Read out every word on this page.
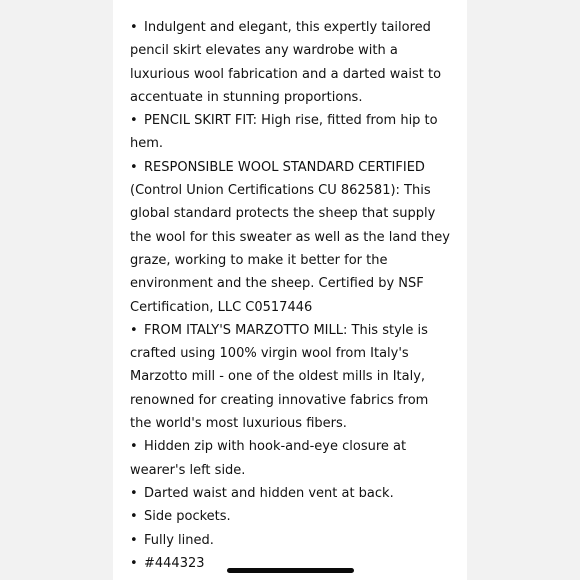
• Indulgent and elegant, this expertly tailored pencil skirt elevates any wardrobe with a luxurious wool fabrication and a darted waist to accentuate in stunning proportions.

• PENCIL SKIRT FIT: High rise, fitted from hip to hem.

• RESPONSIBLE WOOL STANDARD CERTIFIED (Control Union Certifications CU 862581): This global standard protects the sheep that supply the wool for this sweater as well as the land they graze, working to make it better for the environment and the sheep. Certified by NSF Certification, LLC C0517446

• FROM ITALY'S MARZOTTO MILL: This style is crafted using 100% virgin wool from Italy's Marzotto mill - one of the oldest mills in Italy, renowned for creating innovative fabrics from the world's most luxurious fibers.

• Hidden zip with hook-and-eye closure at wearer's left side.

• Darted waist and hidden vent at back.

• Side pockets.

• Fully lined.

• #444323
